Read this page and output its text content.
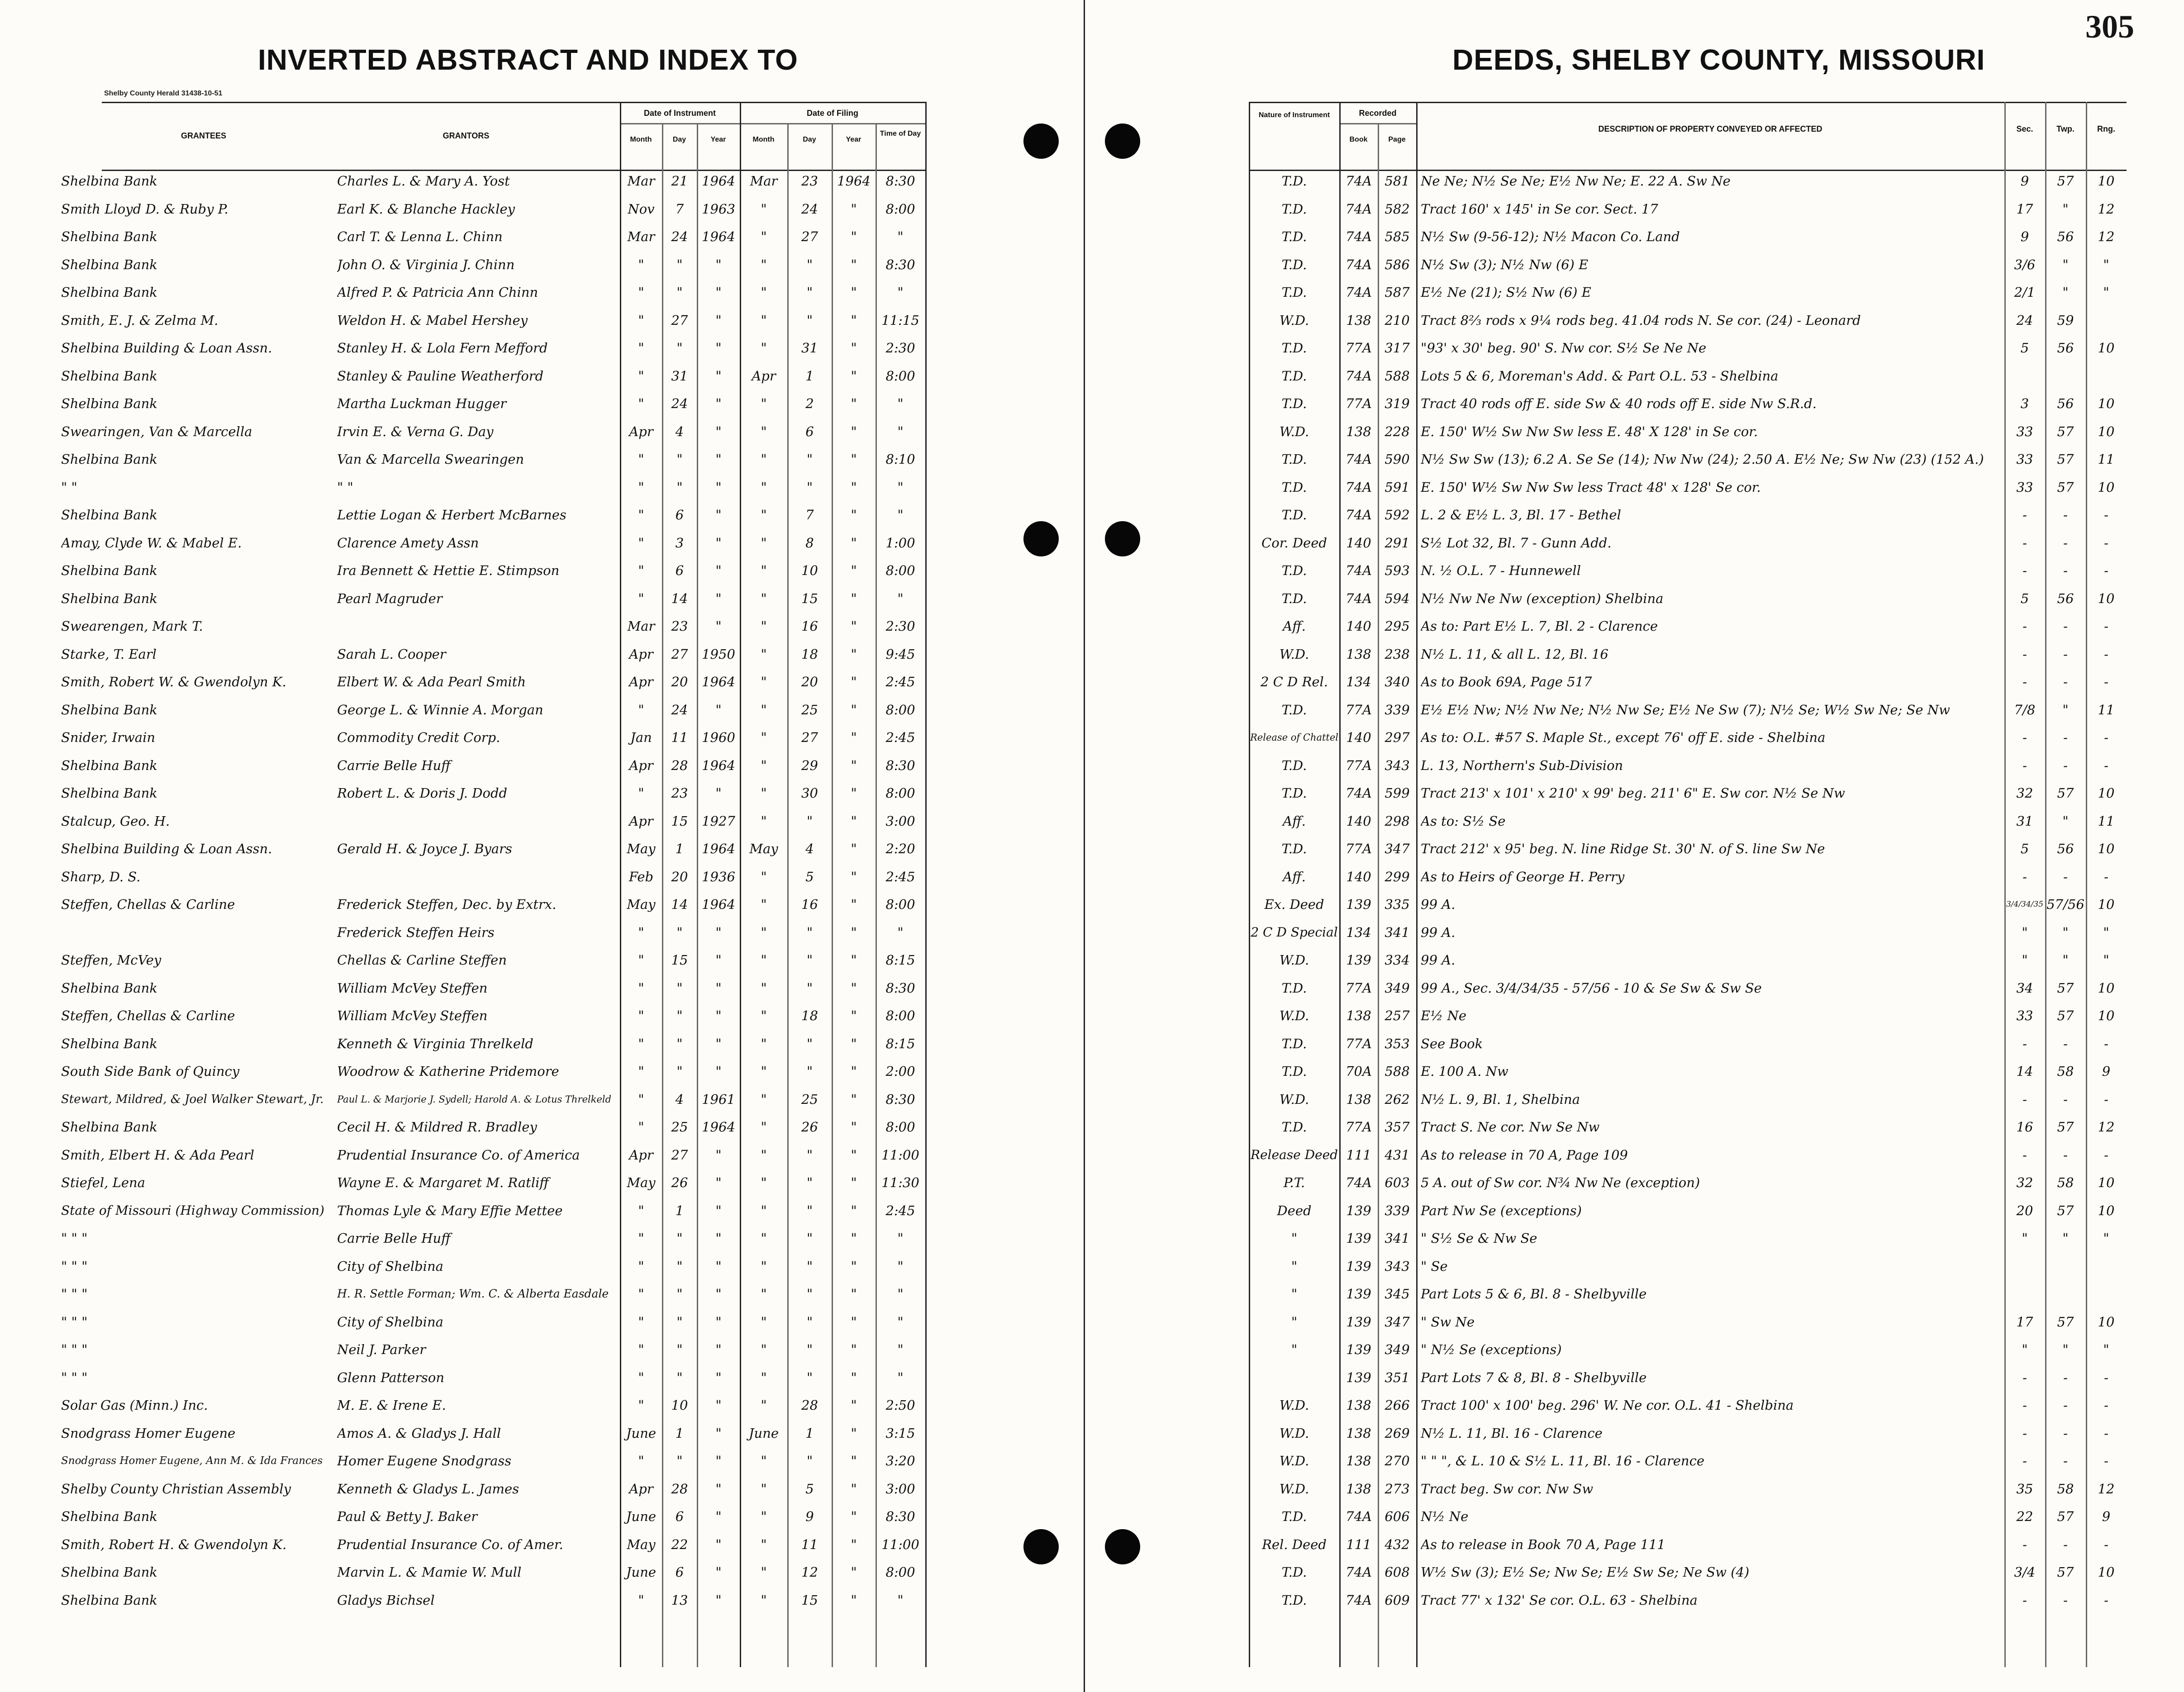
INVERTED ABSTRACT AND INDEX TO
Shelby County Herald 31438-10-51
GRANTEES	GRANTORS
Date of Instrument	Date of Filing
Month	Day	Year	Month	Day	Year
Time of Day
Shelbina Bank	Charles L. & Mary A. Yost	Mar	21	1964	Mar	23	1964	8:30
Smith Lloyd D. & Ruby P.	Earl K. & Blanche Hackley	Nov	7	1963	"	24	"	8:00
Shelbina Bank	Carl T. & Lenna L. Chinn	Mar	24	1964	"	27	"	"
Shelbina Bank	John O. & Virginia J. Chinn	"	"	"	"	"	"	8:30
Shelbina Bank	Alfred P. & Patricia Ann Chinn	"	"	"	"	"	"	"
Smith, E. J. & Zelma M.	Weldon H. & Mabel Hershey	"	27	"	"	"	"	11:15
Shelbina Building & Loan Assn.	Stanley H. & Lola Fern Mefford	"	"	"	"	31	"	2:30
Shelbina Bank	Stanley & Pauline Weatherford	"	31	"	Apr	1	"	8:00
Shelbina Bank	Martha Luckman Hugger	"	24	"	"	2	"	"
Swearingen, Van & Marcella	Irvin E. & Verna G. Day	Apr	4	"	"	6	"	"
Shelbina Bank	Van & Marcella Swearingen	"	"	"	"	"	"	8:10
" "	" "	"	"	"	"	"	"	"
Shelbina Bank	Lettie Logan & Herbert McBarnes	"	6	"	"	7	"	"
Amay, Clyde W. & Mabel E.	Clarence Amety Assn	"	3	"	"	8	"	1:00
Shelbina Bank	Ira Bennett & Hettie E. Stimpson	"	6	"	"	10	"	8:00
Shelbina Bank	Pearl Magruder	"	14	"	"	15	"	"
Swearengen, Mark T.	Mar	23	"	"	16	"	2:30
Starke, T. Earl	Sarah L. Cooper	Apr	27	1950	"	18	"	9:45
Smith, Robert W. & Gwendolyn K.	Elbert W. & Ada Pearl Smith	Apr	20	1964	"	20	"	2:45
Shelbina Bank	George L. & Winnie A. Morgan	"	24	"	"	25	"	8:00
Snider, Irwain	Commodity Credit Corp.	Jan	11	1960	"	27	"	2:45
Shelbina Bank	Carrie Belle Huff	Apr	28	1964	"	29	"	8:30
Shelbina Bank	Robert L. & Doris J. Dodd	"	23	"	"	30	"	8:00
Stalcup, Geo. H.	Apr	15	1927	"	"	"	3:00
Shelbina Building & Loan Assn.	Gerald H. & Joyce J. Byars	May	1	1964	May	4	"	2:20
Sharp, D. S.	Feb	20	1936	"	5	"	2:45
Steffen, Chellas & Carline	Frederick Steffen, Dec. by Extrx.	May	14	1964	"	16	"	8:00
Frederick Steffen Heirs	"	"	"	"	"	"	"
Steffen, McVey	Chellas & Carline Steffen	"	15	"	"	"	"	8:15
Shelbina Bank	William McVey Steffen	"	"	"	"	"	"	8:30
Steffen, Chellas & Carline	William McVey Steffen	"	"	"	"	18	"	8:00
Shelbina Bank	Kenneth & Virginia Threlkeld	"	"	"	"	"	"	8:15
South Side Bank of Quincy	Woodrow & Katherine Pridemore	"	"	"	"	"	"	2:00
Stewart, Mildred, & Joel Walker Stewart, Jr.	Paul L. & Marjorie J. Sydell; Harold A. & Lotus Threlkeld	"	4	1961	"	25	"	8:30
Shelbina Bank	Cecil H. & Mildred R. Bradley	"	25	1964	"	26	"	8:00
Smith, Elbert H. & Ada Pearl	Prudential Insurance Co. of America	Apr	27	"	"	"	"	11:00
Stiefel, Lena	Wayne E. & Margaret M. Ratliff	May	26	"	"	"	"	11:30
State of Missouri (Highway Commission) Thomas Lyle & Mary Effie Mettee	"	1	"	"	"	"	2:45
" " "	Carrie Belle Huff	"	"	"	"	"	"	"
" " "	City of Shelbina	"	"	"	"	"	"	"
" " "	H. R. Settle Forman; Wm. C. & Alberta Easdale	"	"	"	"	"	"	"
" " "	City of Shelbina	"	"	"	"	"	"	"
" " "	Neil J. Parker	"	"	"	"	"	"	"
" " "	Glenn Patterson	"	"	"	"	"	"	"
Solar Gas (Minn.) Inc.	M. E. & Irene E.	"	10	"	"	28	"	2:50
Snodgrass Homer Eugene	Amos A. & Gladys J. Hall	June	1	"	June	1	"	3:15
Snodgrass Homer Eugene, Ann M. & Ida Frances	Homer Eugene Snodgrass	"	"	"	"	"	"	3:20
Shelby County Christian Assembly	Kenneth & Gladys L. James	Apr	28	"	"	5	"	3:00
Shelbina Bank	Paul & Betty J. Baker	June	6	"	"	9	"	8:30
Smith, Robert H. & Gwendolyn K.	Prudential Insurance Co. of Amer.	May	22	"	"	11	"	11:00
Shelbina Bank	Marvin L. & Mamie W. Mull	June	6	"	"	12	"	8:00
Shelbina Bank	Gladys Bichsel	"	13	"	"	15	"	"
DEEDS, SHELBY COUNTY, MISSOURI
305
Nature of Instrument	Recorded
Book	Page
DESCRIPTION OF PROPERTY CONVEYED OR AFFECTED	Sec.	Twp.	Rng.
T.D.	74A 581 Ne Ne; N½ Se Ne; E½ Nw Ne; E. 22 A. Sw Ne	9	57	10
T.D.	74A 582 Tract 160' x 145' in Se cor. Sect. 17	17	"	12
T.D.	74A 585 N½ Sw (9-56-12); N½ Macon Co. Land	9	56	12
T.D.	74A 586 N½ Sw (3); N½ Nw (6) E	3/6	"	"
T.D.	74A 587 E½ Ne (21); S½ Nw (6) E	2/1	"	"
W.D.	138	210 Tract 8⅔ rods x 9¼ rods beg. 41.04 rods N. Se cor. (24) - Leonard	24	59
T.D.	77A 317 "93' x 30' beg. 90' S. Nw cor. S½ Se Ne Ne	5	56	10
T.D.	74A 588 Lots 5 & 6, Moreman's Add. & Part O.L. 53 - Shelbina
T.D.	77A 319 Tract 40 rods off E. side Sw & 40 rods off E. side Nw S.R.d.	3	56	10
W.D.	138	228 E. 150' W½ Sw Nw Sw less E. 48' X 128' in Se cor.	33	57	10
T.D.	74A 590 N½ Sw Sw (13); 6.2 A. Se Se (14); Nw Nw (24); 2.50 A. E½ Ne; Sw Nw (23) (152 A.)	33	57	11
T.D.	74A 591 E. 150' W½ Sw Nw Sw less Tract 48' x 128' Se cor.	33	57	10
T.D.	74A 592 L. 2 & E½ L. 3, Bl. 17 - Bethel	-	-	-
Cor. Deed	140	291 S½ Lot 32, Bl. 7 - Gunn Add.	-	-	-
T.D.	74A 593 N. ½ O.L. 7 - Hunnewell	-	-	-
T.D.	74A 594 N½ Nw Ne Nw (exception) Shelbina	5	56	10
Aff.	140	295 As to: Part E½ L. 7, Bl. 2 - Clarence	-	-	-
W.D.	138	238 N½ L. 11, & all L. 12, Bl. 16	-	-	-
2 C D Rel.	134	340 As to Book 69A, Page 517	-	-	-
T.D.	77A 339 E½ E½ Nw; N½ Nw Ne; N½ Nw Se; E½ Ne Sw (7); N½ Se; W½ Sw Ne; Se Nw	7/8	"	11
Release of Chattel 140	297 As to: O.L. #57 S. Maple St., except 76' off E. side - Shelbina	-	-	-
T.D.	77A 343 L. 13, Northern's Sub-Division	-	-	-
T.D.	74A 599 Tract 213' x 101' x 210' x 99' beg. 211' 6" E. Sw cor. N½ Se Nw	32	57	10
Aff.	140	298 As to: S½ Se	31	"	11
T.D.	77A 347 Tract 212' x 95' beg. N. line Ridge St. 30' N. of S. line Sw Ne	5	56	10
Aff.	140	299 As to Heirs of George H. Perry	-	-	-
Ex. Deed	139	335 99 A.	3/4/34/35 57/56	10
2 C D Special 134	341 99 A.	"	"	"
W.D.	139	334 99 A.	"	"	"
T.D.	77A 349 99 A., Sec. 3/4/34/35 - 57/56 - 10 & Se Sw & Sw Se	34	57	10
W.D.	138	257 E½ Ne	33	57	10
T.D.	77A 353 See Book	-	-	-
T.D.	70A 588 E. 100 A. Nw	14	58	9
W.D.	138	262 N½ L. 9, Bl. 1, Shelbina	-	-	-
T.D.	77A 357 Tract S. Ne cor. Nw Se Nw	16	57	12
Release Deed 111	431 As to release in 70 A, Page 109	-	-	-
P.T.	74A 603 5 A. out of Sw cor. N¾ Nw Ne (exception)	32	58	10
Deed	139	339 Part Nw Se (exceptions)	20	57	10
"	139	341 " S½ Se & Nw Se	"	"	"
"	139	343 " Se
"	139	345 Part Lots 5 & 6, Bl. 8 - Shelbyville
"	139	347 " Sw Ne	17	57	10
"	139	349 " N½ Se (exceptions)	"	"	"
139	351 Part Lots 7 & 8, Bl. 8 - Shelbyville	-	-	-
W.D.	138	266 Tract 100' x 100' beg. 296' W. Ne cor. O.L. 41 - Shelbina	-	-	-
W.D.	138	269 N½ L. 11, Bl. 16 - Clarence	-	-	-
W.D.	138	270 " " ", & L. 10 & S½ L. 11, Bl. 16 - Clarence	-	-	-
W.D.	138	273 Tract beg. Sw cor. Nw Sw	35	58	12
T.D.	74A 606 N½ Ne	22	57	9
Rel. Deed	111	432 As to release in Book 70 A, Page 111	-	-	-
T.D.	74A 608 W½ Sw (3); E½ Se; Nw Se; E½ Sw Se; Ne Sw (4)	3/4	57	10
T.D.	74A 609 Tract 77' x 132' Se cor. O.L. 63 - Shelbina	-	-	-
